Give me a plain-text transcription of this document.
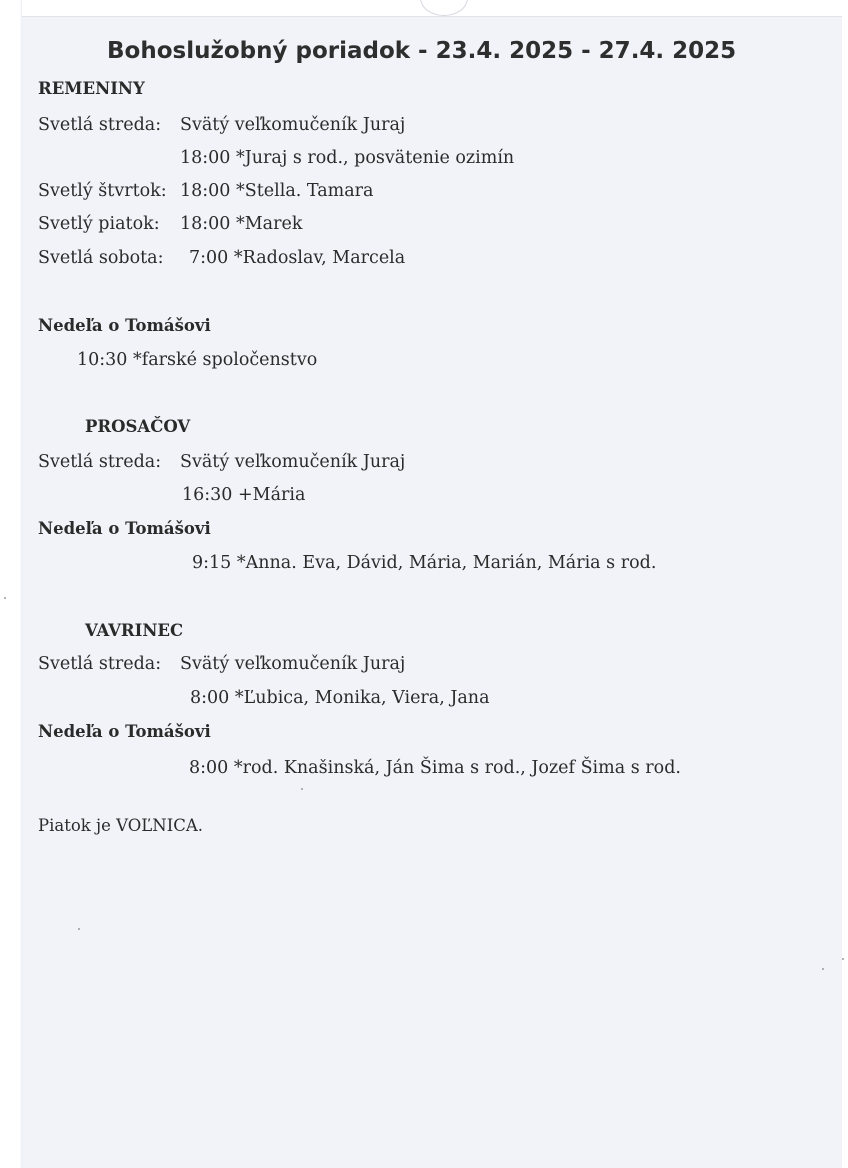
Bohoslužobný poriadok - 23.4. 2025 - 27.4. 2025
REMENINY
Svetlá streda: Svätý veľkomučeník Juraj
18:00 *Juraj s rod., posvätenie ozimín
Svetlý štvrtok: 18:00 *Stella. Tamara
Svetlý piatok: 18:00 *Marek
Svetlá sobota: 7:00 *Radoslav, Marcela
Nedeľa o Tomášovi
10:30 *farské spoločenstvo
PROSAČOV
Svetlá streda: Svätý veľkomučeník Juraj
16:30 +Mária
Nedeľa o Tomášovi
9:15 *Anna. Eva, Dávid, Mária, Marián, Mária s rod.
VAVRINEC
Svetlá streda: Svätý veľkomučeník Juraj
8:00 *Ľubica, Monika, Viera, Jana
Nedeľa o Tomášovi
8:00 *rod. Knašinská, Ján Šima s rod., Jozef Šima s rod.
Piatok je VOĽNICA.
